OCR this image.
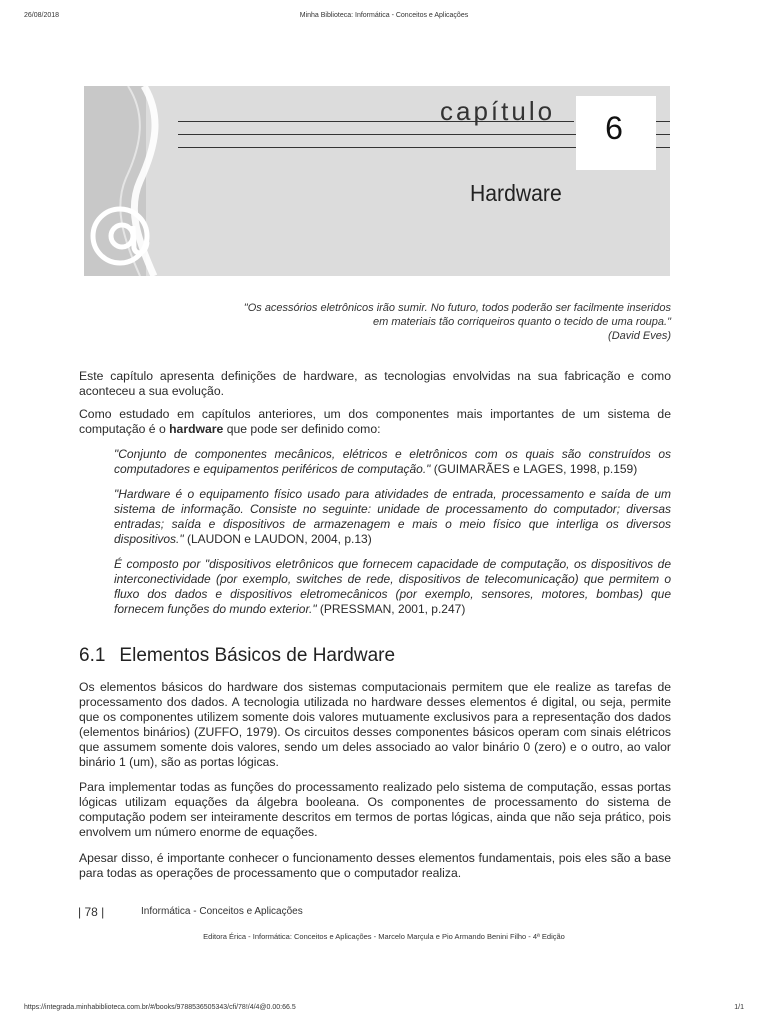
26/08/2018	Minha Biblioteca: Informática - Conceitos e Aplicações
capítulo	6
Hardware
"Os acessórios eletrônicos irão sumir. No futuro, todos poderão ser facilmente inseridos
em materiais tão corriqueiros quanto o tecido de uma roupa."
(David Eves)

Este capítulo apresenta definições de hardware, as tecnologias envolvidas na sua fabricação e como aconteceu a sua evolução.

Como estudado em capítulos anteriores, um dos componentes mais importantes de um sistema de computação é o hardware que pode ser definido como:

"Conjunto de componentes mecânicos, elétricos e eletrônicos com os quais são construídos os computadores e equipamentos periféricos de computação." (GUIMARÃES e LAGES, 1998, p.159)

"Hardware é o equipamento físico usado para atividades de entrada, processamento e saída de um sistema de informação. Consiste no seguinte: unidade de processamento do computador; diversas entradas; saída e dispositivos de armazenagem e mais o meio físico que interliga os diversos dispositivos." (LAUDON e LAUDON, 2004, p.13)

É composto por "dispositivos eletrônicos que fornecem capacidade de computação, os dispositivos de interconectividade (por exemplo, switches de rede, dispositivos de telecomunicação) que permitem o fluxo dos dados e dispositivos eletromecânicos (por exemplo, sensores, motores, bombas) que fornecem funções do mundo exterior." (PRESSMAN, 2001, p.247)

6.1 Elementos Básicos de Hardware

Os elementos básicos do hardware dos sistemas computacionais permitem que ele realize as tarefas de processamento dos dados. A tecnologia utilizada no hardware desses elementos é digital, ou seja, permite que os componentes utilizem somente dois valores mutuamente exclusivos para a representação dos dados (elementos binários) (ZUFFO, 1979). Os circuitos desses componentes básicos operam com sinais elétricos que assumem somente dois valores, sendo um deles associado ao valor binário 0 (zero) e o outro, ao valor binário 1 (um), são as portas lógicas.

Para implementar todas as funções do processamento realizado pelo sistema de computação, essas portas lógicas utilizam equações da álgebra booleana. Os componentes de processamento do sistema de computação podem ser inteiramente descritos em termos de portas lógicas, ainda que não seja prático, pois envolvem um número enorme de equações.

Apesar disso, é importante conhecer o funcionamento desses elementos fundamentais, pois eles são a base para todas as operações de processamento que o computador realiza.

| 78 |	Informática - Conceitos e Aplicações
Editora Érica - Informática: Conceitos e Aplicações - Marcelo Marçula e Pio Armando Benini Filho - 4ª Edição
https://integrada.minhabiblioteca.com.br/#/books/9788536505343/cfi/78!/4/4@0.00:66.5	1/1
